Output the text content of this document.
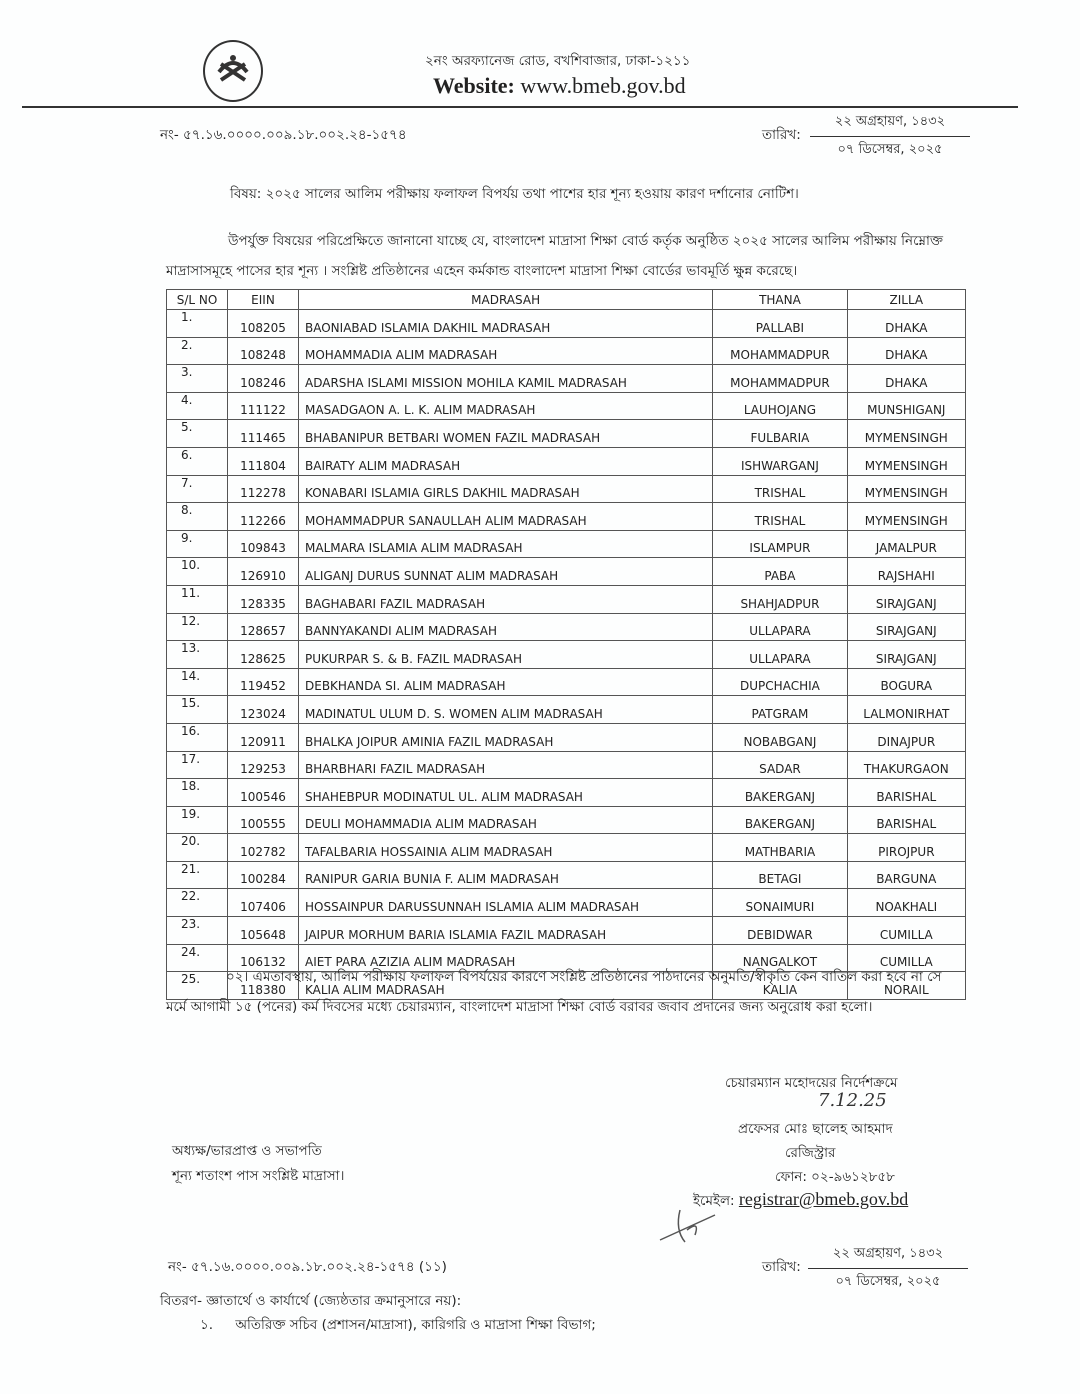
২নং অরফ্যানেজ রোড, বখশিবাজার, ঢাকা-১২১১
Website: www.bmeb.gov.bd
নং- ৫৭.১৬.০০০০.০০৯.১৮.০০২.২৪-১৫৭৪	তারিখ:
২২ অগ্রহায়ণ, ১৪৩২
০৭ ডিসেম্বর, ২০২৫
বিষয়: ২০২৫ সালের আলিম পরীক্ষায় ফলাফল বিপর্যয় তথা পাশের হার শূন্য হওয়ায় কারণ দর্শানোর নোটিশ।
উপর্যুক্ত বিষয়ের পরিপ্রেক্ষিতে জানানো যাচ্ছে যে, বাংলাদেশ মাদ্রাসা শিক্ষা বোর্ড কর্তৃক অনুষ্ঠিত ২০২৫ সালের আলিম পরীক্ষায় নিম্নোক্ত মাদ্রাসাসমূহে পাসের হার শূন্য । সংশ্লিষ্ট প্রতিষ্ঠানের এহেন কর্মকান্ড বাংলাদেশ মাদ্রাসা শিক্ষা বোর্ডের ভাবমূর্তি ক্ষুন্ন করেছে।
S/L NO	EIIN	MADRASAH	THANA	ZILLA
1.	108205	BAONIABAD ISLAMIA DAKHIL MADRASAH	PALLABI	DHAKA
2.	108248	MOHAMMADIA ALIM MADRASAH	MOHAMMADPUR	DHAKA
3.	108246	ADARSHA ISLAMI MISSION MOHILA KAMIL MADRASAH	MOHAMMADPUR	DHAKA
4.	111122	MASADGAON A. L. K. ALIM MADRASAH	LAUHOJANG	MUNSHIGANJ
5.	111465	BHABANIPUR BETBARI WOMEN FAZIL MADRASAH	FULBARIA	MYMENSINGH
6.	111804	BAIRATY ALIM MADRASAH	ISHWARGANJ	MYMENSINGH
7.	112278	KONABARI ISLAMIA GIRLS DAKHIL MADRASAH	TRISHAL	MYMENSINGH
8.	112266	MOHAMMADPUR SANAULLAH ALIM MADRASAH	TRISHAL	MYMENSINGH
9.	109843	MALMARA ISLAMIA ALIM MADRASAH	ISLAMPUR	JAMALPUR
10.	126910	ALIGANJ DURUS SUNNAT ALIM MADRASAH	PABA	RAJSHAHI
11.	128335	BAGHABARI FAZIL MADRASAH	SHAHJADPUR	SIRAJGANJ
12.	128657	BANNYAKANDI ALIM MADRASAH	ULLAPARA	SIRAJGANJ
13.	128625	PUKURPAR S. & B. FAZIL MADRASAH	ULLAPARA	SIRAJGANJ
14.	119452	DEBKHANDA SI. ALIM MADRASAH	DUPCHACHIA	BOGURA
15.	123024	MADINATUL ULUM D. S. WOMEN ALIM MADRASAH	PATGRAM	LALMONIRHAT
16.	120911	BHALKA JOIPUR AMINIA FAZIL MADRASAH	NOBABGANJ	DINAJPUR
17.	129253	BHARBHARI FAZIL MADRASAH	SADAR	THAKURGAON
18.	100546	SHAHEBPUR MODINATUL UL. ALIM MADRASAH	BAKERGANJ	BARISHAL
19.	100555	DEULI MOHAMMADIA ALIM MADRASAH	BAKERGANJ	BARISHAL
20.	102782	TAFALBARIA HOSSAINIA ALIM MADRASAH	MATHBARIA	PIROJPUR
21.	100284	RANIPUR GARIA BUNIA F. ALIM MADRASAH	BETAGI	BARGUNA
22.	107406	HOSSAINPUR DARUSSUNNAH ISLAMIA ALIM MADRASAH	SONAIMURI	NOAKHALI
23.	105648	JAIPUR MORHUM BARIA ISLAMIA FAZIL MADRASAH	DEBIDWAR	CUMILLA
24.	106132	AIET PARA AZIZIA ALIM MADRASAH	NANGALKOT	CUMILLA
25.	118380	KALIA ALIM MADRASAH	KALIA	NORAIL
০২। এমতাবস্থায়, আলিম পরীক্ষায় ফলাফল বিপর্যয়ের কারণে সংশ্লিষ্ট প্রতিষ্ঠানের পাঠদানের অনুমতি/স্বীকৃতি কেন বাতিল করা হবে না সে মর্মে আগামী ১৫ (পনের) কর্ম দিবসের মধ্যে চেয়ারম্যান, বাংলাদেশ মাদ্রাসা শিক্ষা বোর্ড বরাবর জবাব প্রদানের জন্য অনুরোধ করা হলো।
চেয়ারম্যান মহোদয়ের নির্দেশক্রমে
7.12.25
প্রফেসর মোঃ ছালেহ আহমাদ
রেজিস্ট্রার
ফোন: ০২-৯৬১২৮৫৮
ইমেইল: registrar@bmeb.gov.bd
অধ্যক্ষ/ভারপ্রাপ্ত ও সভাপতি
শূন্য শতাংশ পাস সংশ্লিষ্ট মাদ্রাসা।
নং- ৫৭.১৬.০০০০.০০৯.১৮.০০২.২৪-১৫৭৪ (১১)	তারিখ:
২২ অগ্রহায়ণ, ১৪৩২
০৭ ডিসেম্বর, ২০২৫
বিতরণ- জ্ঞাতার্থে ও কার্যার্থে (জ্যেষ্ঠতার ক্রমানুসারে নয়):
১. অতিরিক্ত সচিব (প্রশাসন/মাদ্রাসা), কারিগরি ও মাদ্রাসা শিক্ষা বিভাগ;
